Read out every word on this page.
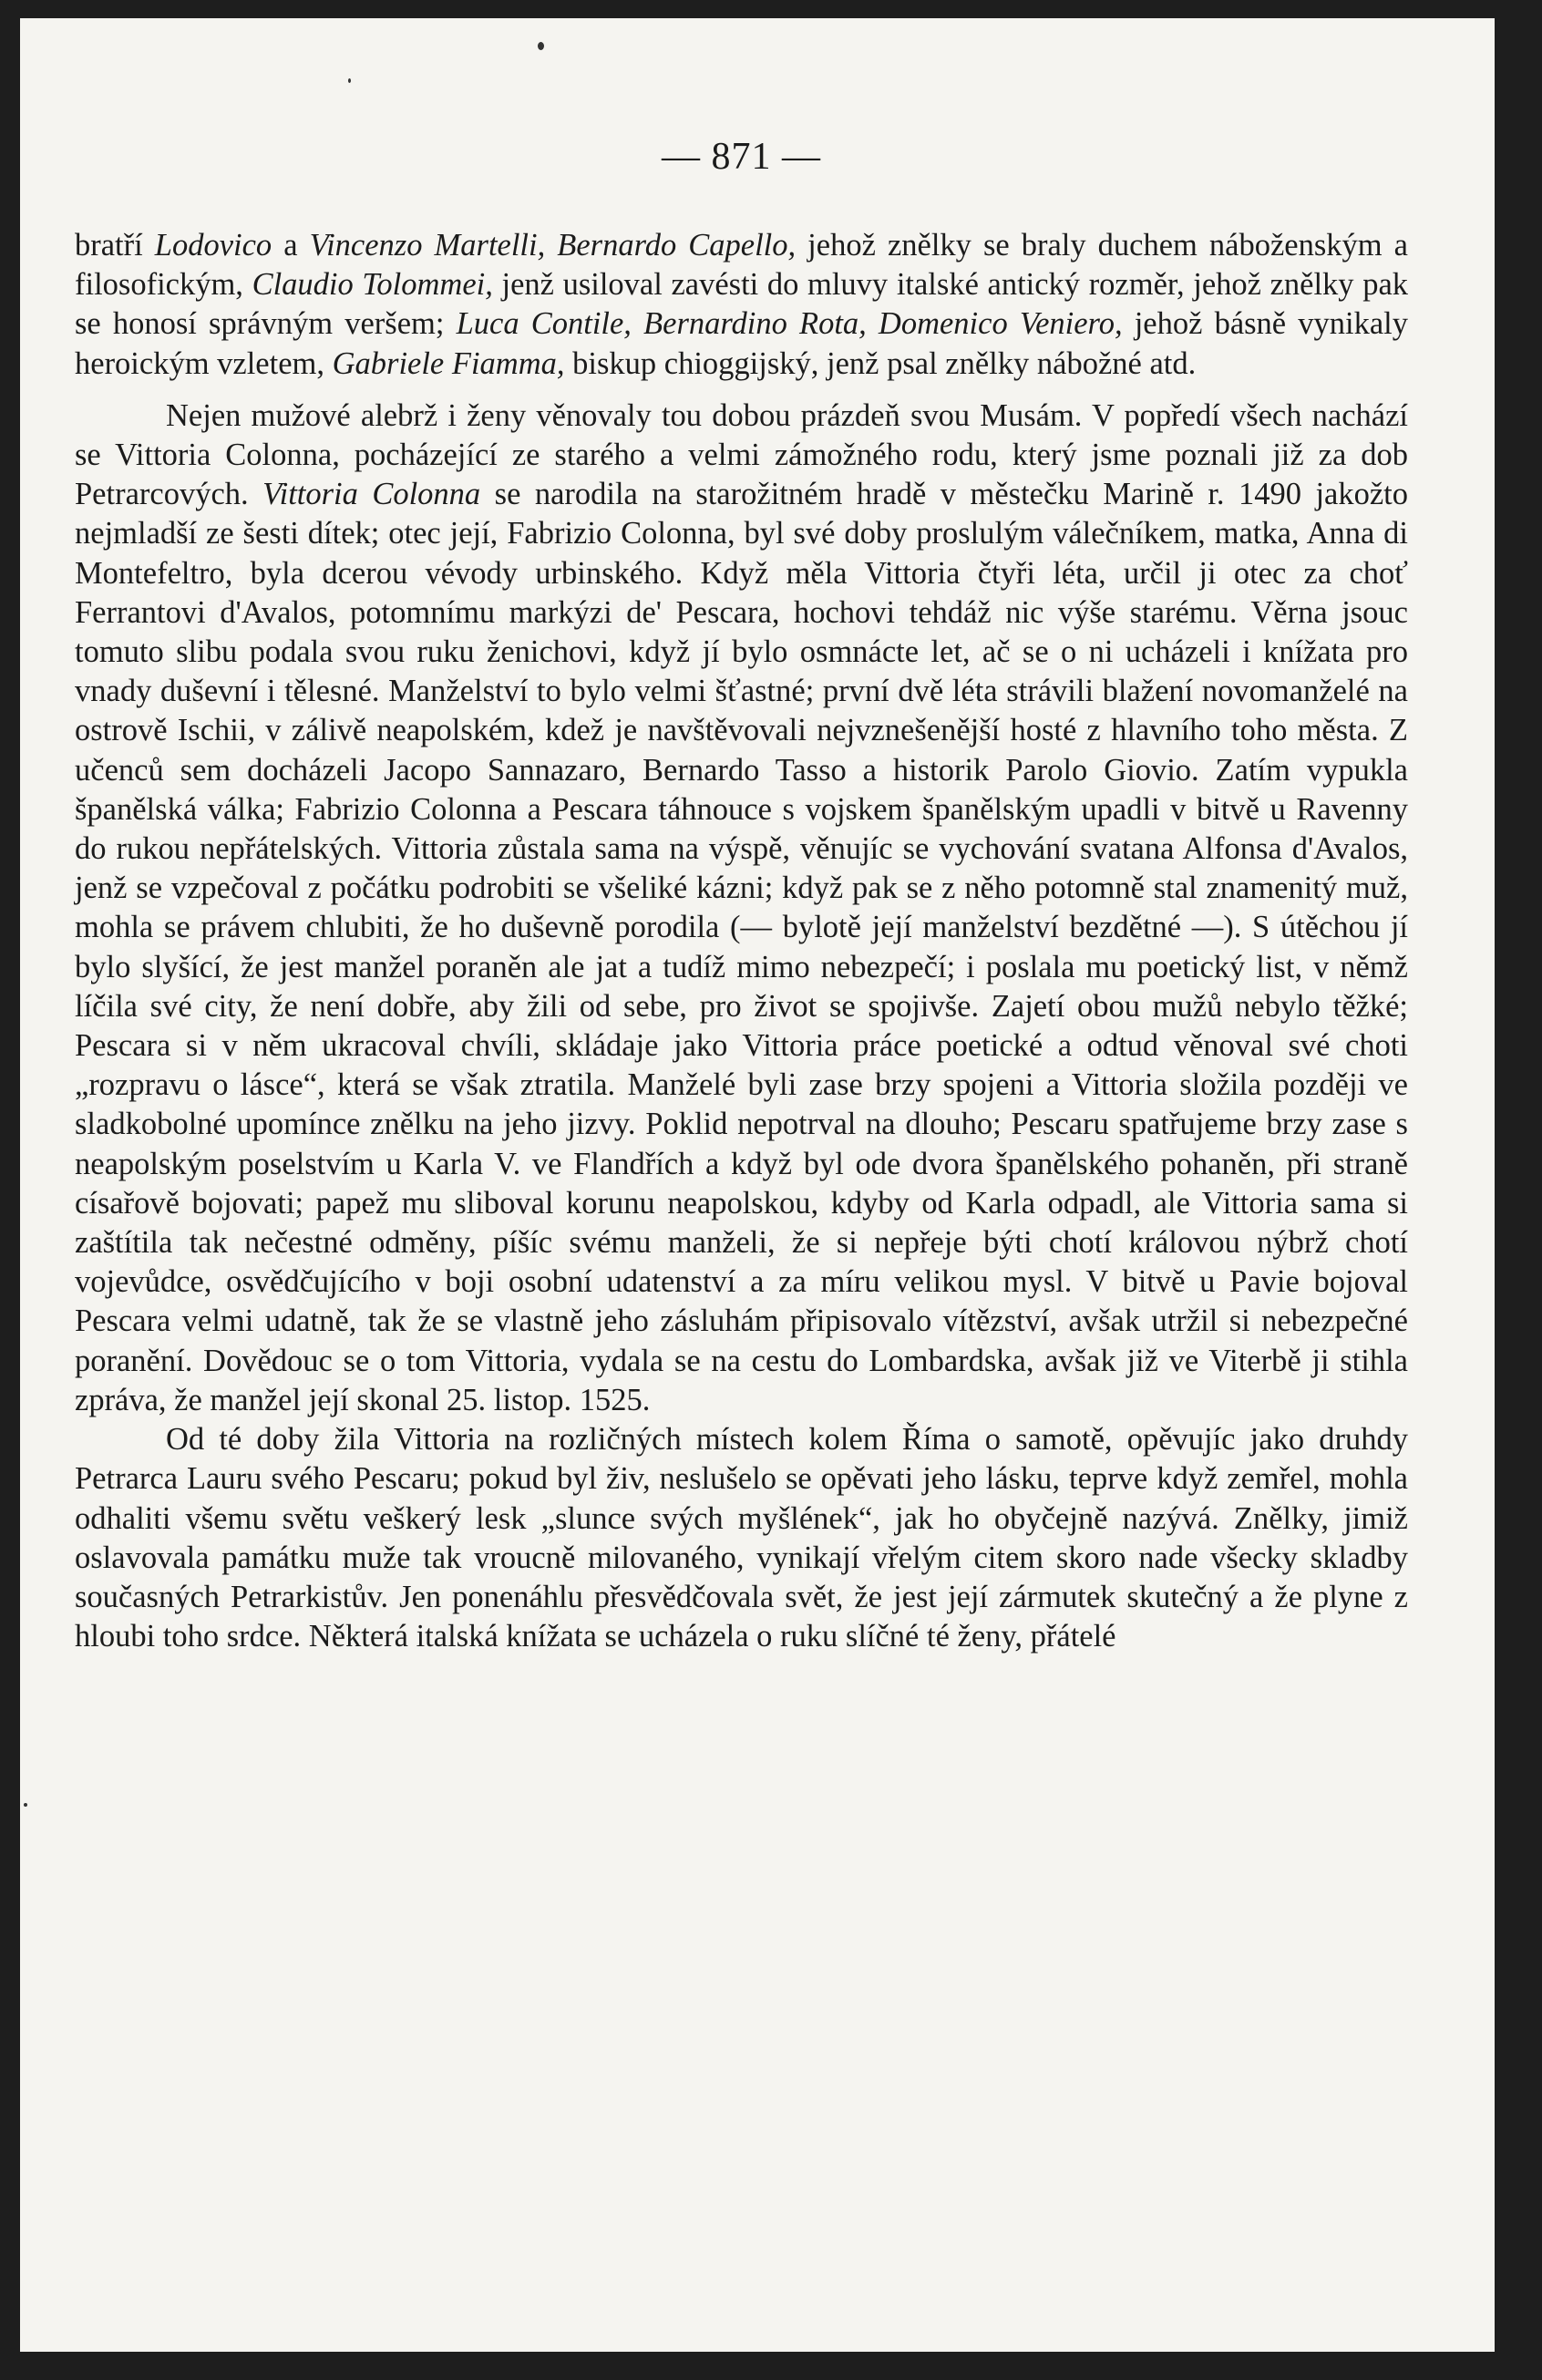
— 871 —

bratří Lodovico a Vincenzo Martelli, Bernardo Capello, jehož znělky se braly duchem náboženským a filosofickým, Claudio Tolommei, jenž usiloval zavésti do mluvy italské antický rozměr, jehož znělky pak se honosí správným veršem; Luca Contile, Bernardino Rota, Domenico Veniero, jehož básně vynikaly heroickým vzletem, Gabriele Fiamma, biskup chioggijský, jenž psal znělky nábožné atd.

Nejen mužové alebrž i ženy věnovaly tou dobou prázdeň svou Musám. V popředí všech nachází se Vittoria Colonna, pocházející ze starého a velmi zámožného rodu, který jsme poznali již za dob Petrarcových. Vittoria Colonna se narodila na starožitném hradě v městečku Marině r. 1490 jakožto nejmladší ze šesti dítek; otec její, Fabrizio Colonna, byl své doby proslulým válečníkem, matka, Anna di Montefeltro, byla dcerou vévody urbinského. Když měla Vittoria čtyři léta, určil ji otec za choť Ferrantovi d'Avalos, potomnímu markýzi de' Pescara, hochovi tehdáž nic výše starému. Věrna jsouc tomuto slibu podala svou ruku ženichovi, když jí bylo osmnácte let, ač se o ni ucházeli i knížata pro vnady duševní i tělesné. Manželství to bylo velmi šťastné; první dvě léta strávili blažení novomanželé na ostrově Ischii, v zálivě neapolském, kdež je navštěvovali nejvznešenější hosté z hlavního toho města. Z učenců sem docházeli Jacopo Sannazaro, Bernardo Tasso a historik Parolo Giovio. Zatím vypukla španělská válka; Fabrizio Colonna a Pescara táhnouce s vojskem španělským upadli v bitvě u Ravenny do rukou nepřátelských. Vittoria zůstala sama na výspě, věnujíc se vychování svatana Alfonsa d'Avalos, jenž se vzpečoval z počátku podrobiti se všeliké kázni; když pak se z něho potomně stal znamenitý muž, mohla se právem chlubiti, že ho duševně porodila (— bylotě její manželství bezdětné —). S útěchou jí bylo slyšící, že jest manžel poraněn ale jat a tudíž mimo nebezpečí; i poslala mu poetický list, v němž líčila své city, že není dobře, aby žili od sebe, pro život se spojivše. Zajetí obou mužů nebylo těžké; Pescara si v něm ukracoval chvíli, skládaje jako Vittoria práce poetické a odtud věnoval své choti „rozpravu o lásce“, která se však ztratila. Manželé byli zase brzy spojeni a Vittoria složila později ve sladkobolné upomínce znělku na jeho jizvy. Poklid nepotrval na dlouho; Pescaru spatřujeme brzy zase s neapolským poselstvím u Karla V. ve Flandřích a když byl ode dvora španělského pohaněn, při straně císařově bojovati; papež mu sliboval korunu neapolskou, kdyby od Karla odpadl, ale Vittoria sama si zaštítila tak nečestné odměny, píšíc svému manželi, že si nepřeje býti chotí královou nýbrž chotí vojevůdce, osvědčujícího v boji osobní udatenství a za míru velikou mysl. V bitvě u Pavie bojoval Pescara velmi udatně, tak že se vlastně jeho zásluhám připisovalo vítězství, avšak utržil si nebezpečné poranění. Dovědouc se o tom Vittoria, vydala se na cestu do Lombardska, avšak již ve Viterbě ji stihla zpráva, že manžel její skonal 25. listop. 1525.

Od té doby žila Vittoria na rozličných místech kolem Říma o samotě, opěvujíc jako druhdy Petrarca Lauru svého Pescaru; pokud byl živ, neslušelo se opěvati jeho lásku, teprve když zemřel, mohla odhaliti všemu světu veškerý lesk „slunce svých myšlének“, jak ho obyčejně nazývá. Znělky, jimiž oslavovala památku muže tak vroucně milovaného, vynikají vřelým citem skoro nade všecky skladby současných Petrarkistův. Jen ponenáhlu přesvědčovala svět, že jest její zármutek skutečný a že plyne z hloubi toho srdce. Některá italská knížata se ucházela o ruku slíčné té ženy, přátelé
